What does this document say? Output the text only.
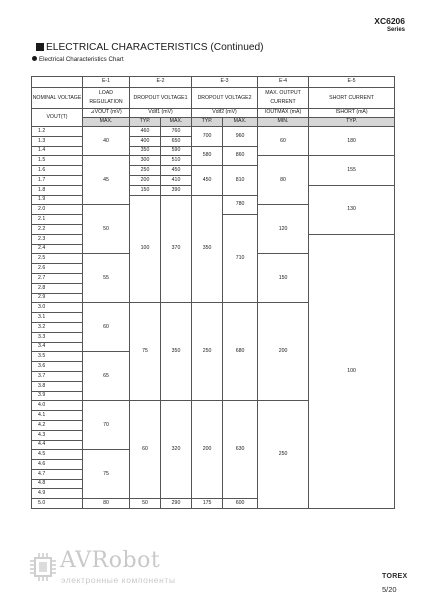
XC6206
Series
ELECTRICAL CHARACTERISTICS (Continued)
Electrical Characteristics Chart
	E-1	E-2		E-3		E-4	E-5
NOMINAL VOLTAGE	LOAD REGULATION	DROPOUT VOLTAGE1		DROPOUT VOLTAGE2		MAX. OUTPUT CURRENT	SHORT CURRENT
VOUT(T)	⊿VOUT (mV)	Vdif1 (mV)		Vdif2 (mV)		IOUTMAX (mA)	ISHORT (mA)
	MAX.	TYP.	MAX.	TYP.	MAX.	MIN.	TYP.
1.2	40	460	760	700	960	60	180
1.3		400	650				
1.4		350	590	580	860		
1.5	45	300	510			80	155
1.6		250	450	450	810		
1.7		200	410				
1.8		150	390				130
1.9		100	370	350	780		
2.0	50					120	
2.1					710		
2.2							
2.3							100
2.4							
2.5	55					150	
2.6							
2.7							
2.8							
2.9							
3.0	60	75	350	250	680	200	
3.1							
3.2							
3.3							
3.4							
3.5	65						
3.6							
3.7							
3.8							
3.9							
4.0	70	60	320	200	630	250	
4.1							
4.2							
4.3							
4.4							
4.5	75						
4.6							
4.7							
4.8							
4.9							
5.0	80	50	290	175	600		
AVRobot
электронные компоненты	TOREX
5/20
